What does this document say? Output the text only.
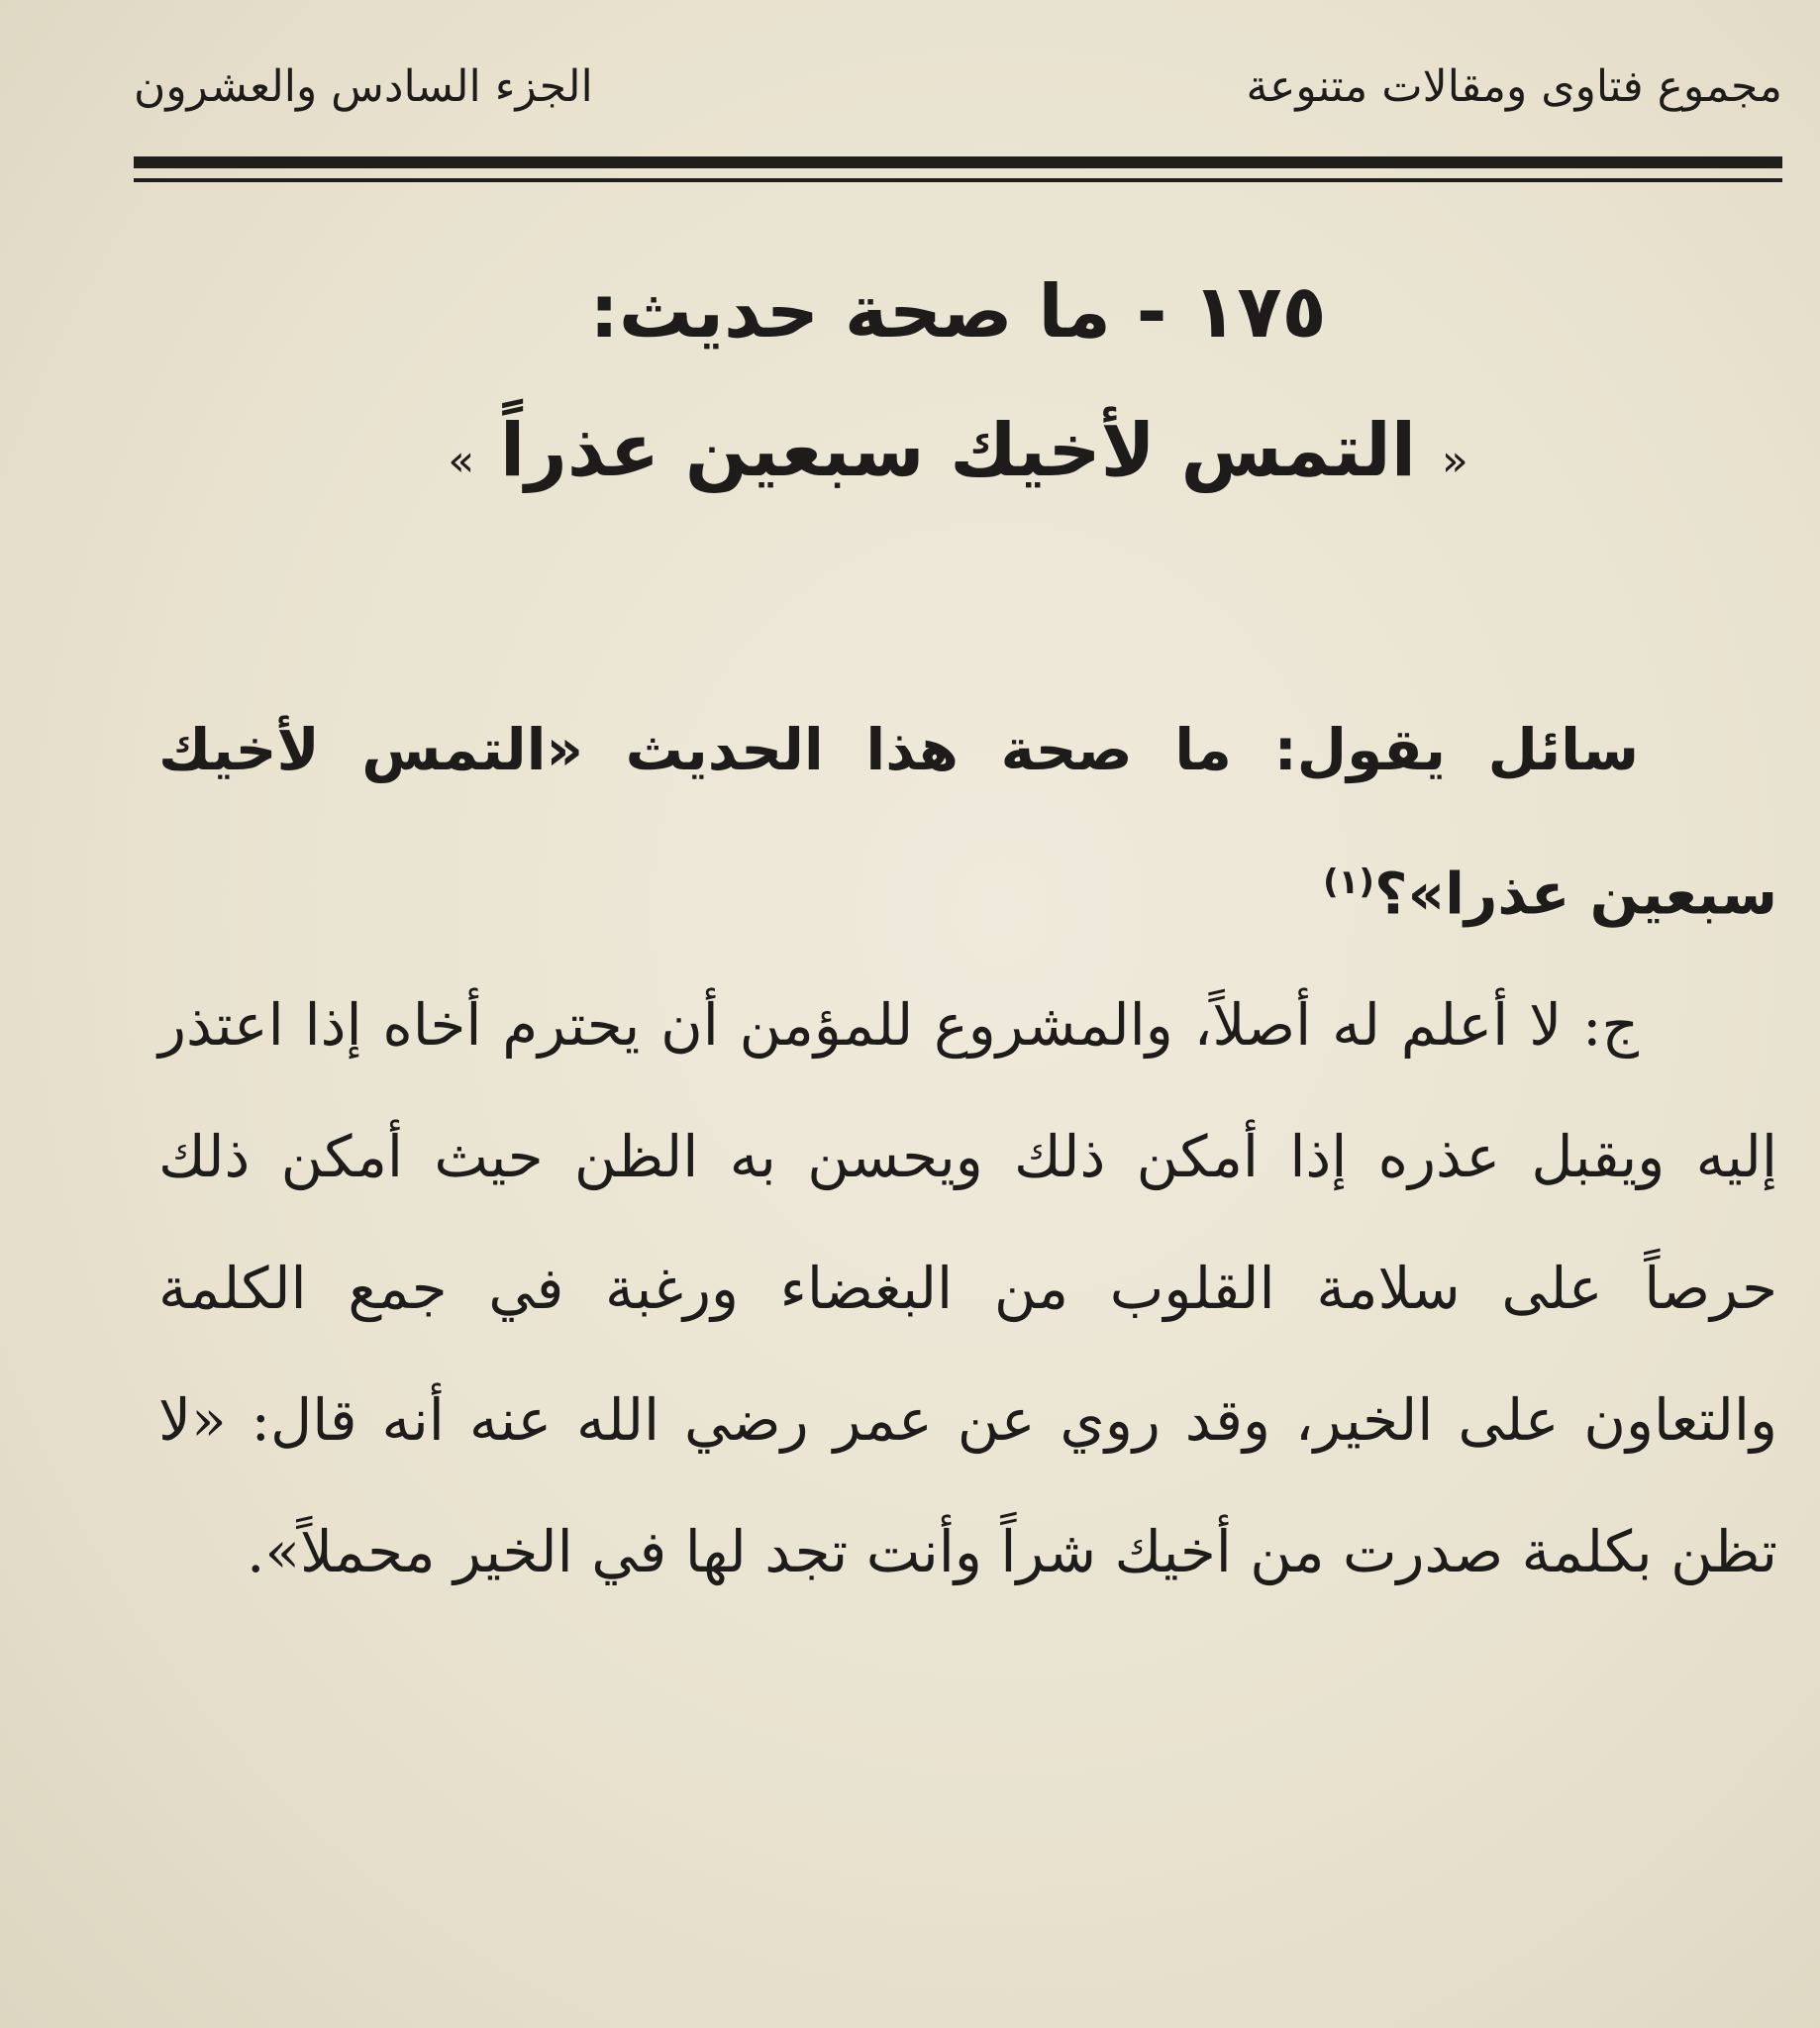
مجموع فتاوى ومقالات متنوعة
الجزء السادس والعشرون
١٧٥ - ما صحة حديث:
« التمس لأخيك سبعين عذراً »

سائل يقول: ما صحة هذا الحديث «التمس لأخيك سبعين عذرا»؟$^{(١)}$

ج: لا أعلم له أصلاً، والمشروع للمؤمن أن يحترم أخاه إذا اعتذر إليه ويقبل عذره إذا أمكن ذلك ويحسن به الظن حيث أمكن ذلك حرصاً على سلامة القلوب من البغضاء ورغبة في جمع الكلمة والتعاون على الخير، وقد روي عن عمر رضي الله عنه أنه قال: «لا تظن بكلمة صدرت من أخيك شراً وأنت تجد لها في الخير محملاً».
